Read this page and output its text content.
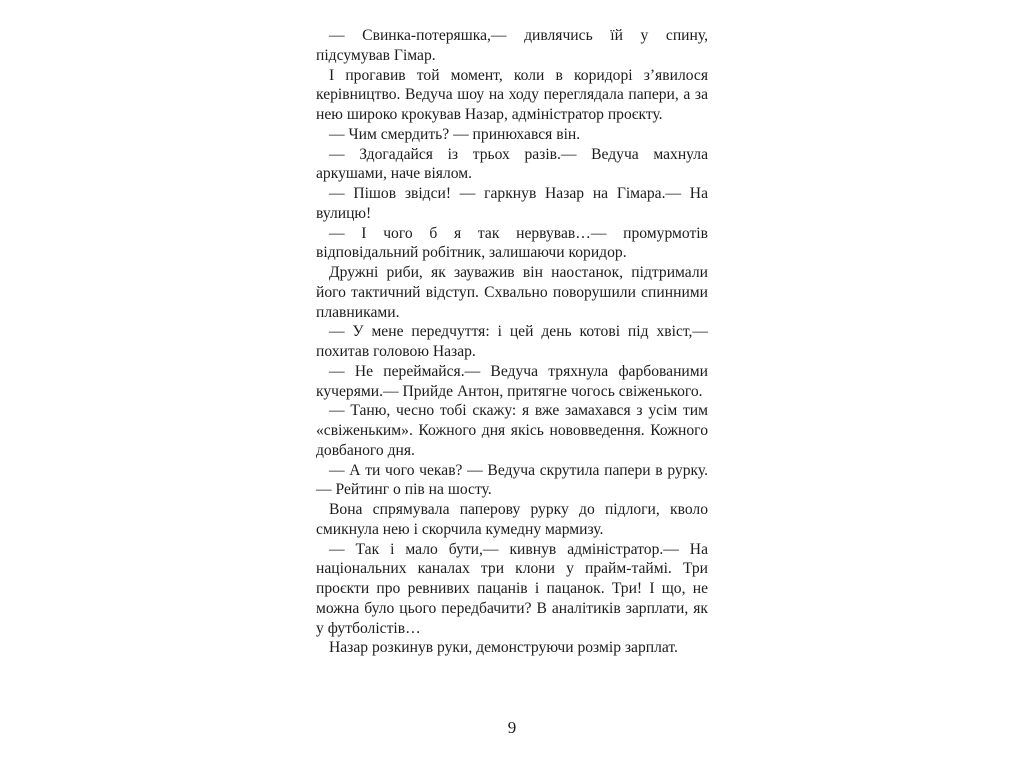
— Свинка-потеряшка,— дивлячись їй у спину, підсумував Гімар.

І прогавив той момент, коли в коридорі з’явилося керівництво. Ведуча шоу на ходу переглядала папери, а за нею широко крокував Назар, адміністратор проєкту.

— Чим смердить? — принюхався він.

— Здогадайся із трьох разів.— Ведуча махнула аркушами, наче віялом.

— Пішов звідси! — гаркнув Назар на Гімара.— На вулицю!

— І чого б я так нервував…— промурмотів відповідальний робітник, залишаючи коридор.

Дружні риби, як зауважив він наостанок, підтримали його тактичний відступ. Схвально поворушили спинними плавниками.

— У мене передчуття: і цей день котові під хвіст,— похитав головою Назар.

— Не переймайся.— Ведуча тряхнула фарбованими кучерями.— Прийде Антон, притягне чогось свіженького.

— Таню, чесно тобі скажу: я вже замахався з усім тим «свіженьким». Кожного дня якісь нововведення. Кожного довбаного дня.

— А ти чого чекав? — Ведуча скрутила папери в рурку.— Рейтинг о пів на шосту.

Вона спрямувала паперову рурку до підлоги, кволо смикнула нею і скорчила кумедну мармизу.

— Так і мало бути,— кивнув адміністратор.— На національних каналах три клони у прайм-таймі. Три проєкти про ревнивих пацанів і пацанок. Три! І що, не можна було цього передбачити? В аналітиків зарплати, як у футболістів…

Назар розкинув руки, демонструючи розмір зарплат.

9
